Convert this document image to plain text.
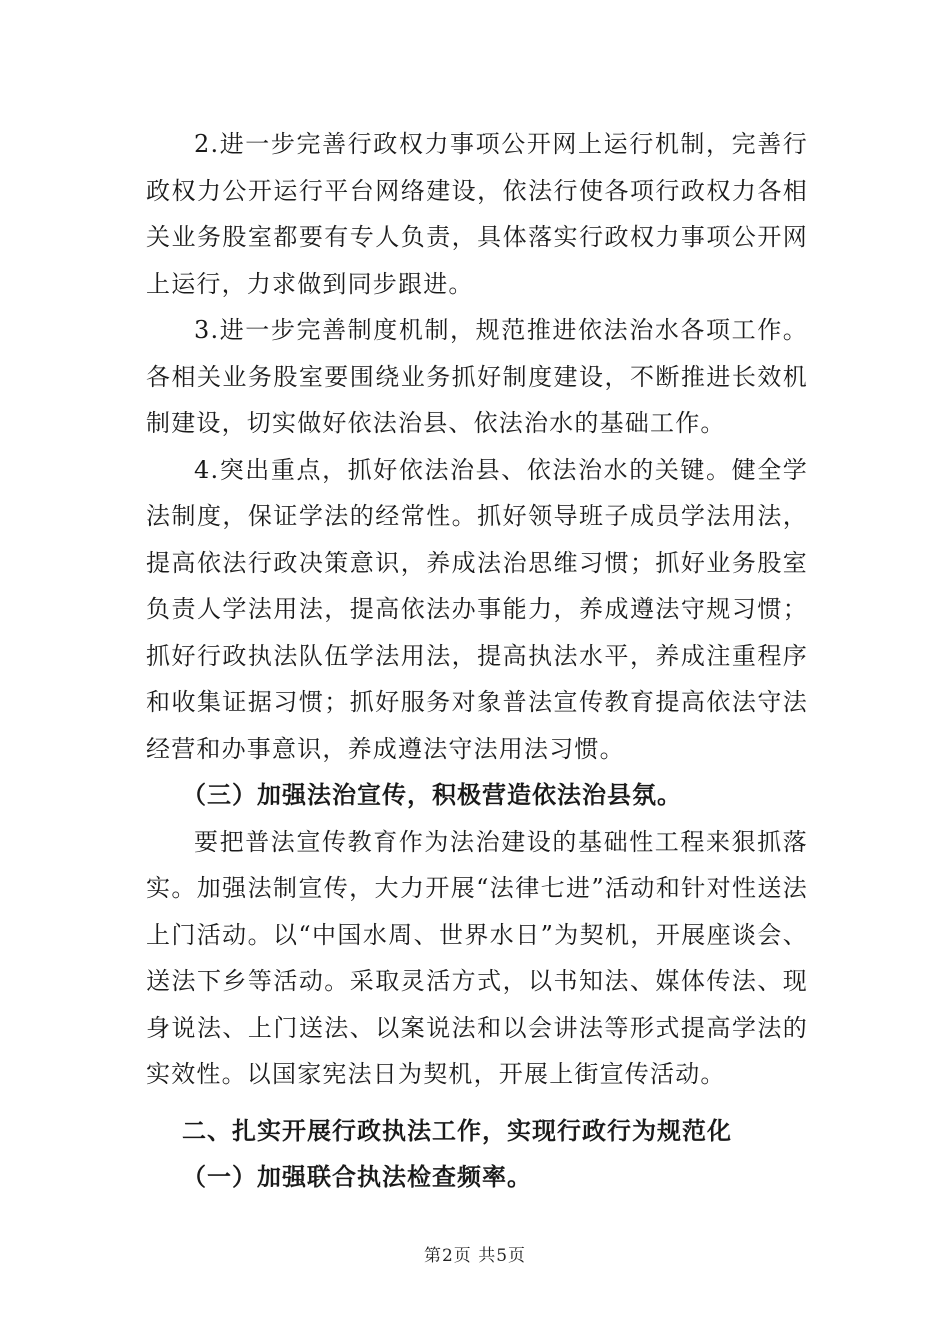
2.进一步完善行政权力事项公开网上运行机制，完善行政权力公开运行平台网络建设，依法行使各项行政权力各相关业务股室都要有专人负责，具体落实行政权力事项公开网上运行，力求做到同步跟进。

3.进一步完善制度机制，规范推进依法治水各项工作。各相关业务股室要围绕业务抓好制度建设，不断推进长效机制建设，切实做好依法治县、依法治水的基础工作。

4.突出重点，抓好依法治县、依法治水的关键。健全学法制度，保证学法的经常性。抓好领导班子成员学法用法，提高依法行政决策意识，养成法治思维习惯；抓好业务股室负责人学法用法，提高依法办事能力，养成遵法守规习惯；抓好行政执法队伍学法用法，提高执法水平，养成注重程序和收集证据习惯；抓好服务对象普法宣传教育提高依法守法经营和办事意识，养成遵法守法用法习惯。

（三）加强法治宣传，积极营造依法治县氛。

要把普法宣传教育作为法治建设的基础性工程来狠抓落实。加强法制宣传，大力开展“法律七进”活动和针对性送法上门活动。以“中国水周、世界水日”为契机，开展座谈会、送法下乡等活动。采取灵活方式，以书知法、媒体传法、现身说法、上门送法、以案说法和以会讲法等形式提高学法的实效性。以国家宪法日为契机，开展上街宣传活动。

二、扎实开展行政执法工作，实现行政行为规范化

（一）加强联合执法检查频率。

第2页 共5页
